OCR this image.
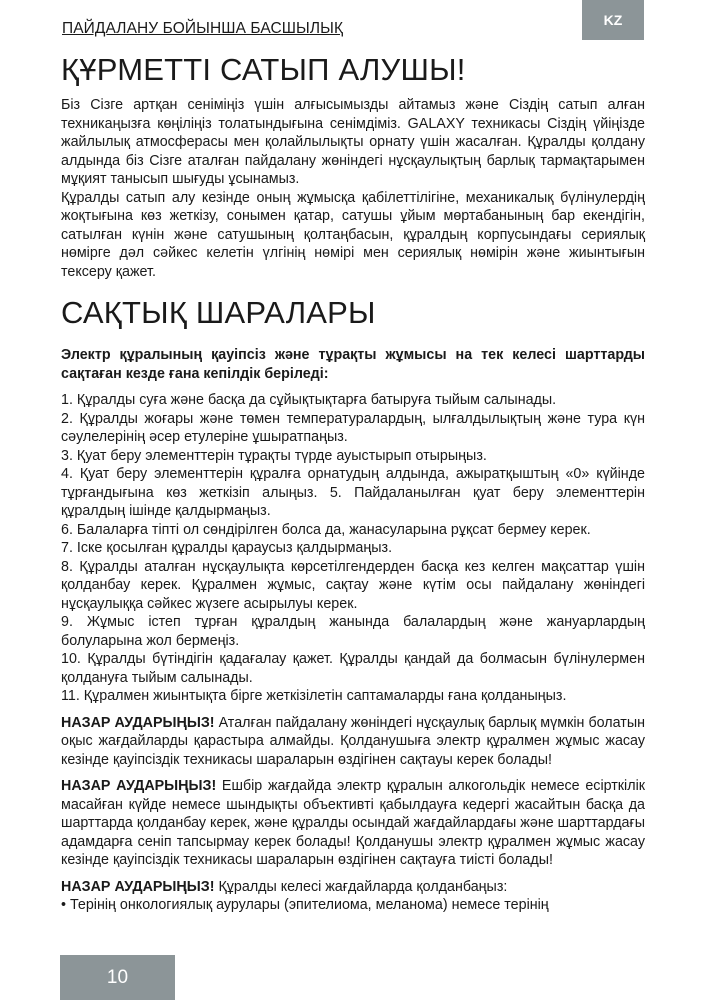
ПАЙДАЛАНУ БОЙЫНША БАСШЫЛЫҚ	KZ
ҚҰРМЕТТІ САТЫП АЛУШЫ!

Біз Сізге артқан сеніміңіз үшін алғысымызды айтамыз және Сіздің сатып алған техникаңызға көңіліңіз толатындығына сенімдіміз. GALAXY техникасы Сіздің үйіңізде жайлылық атмосферасы мен қолайлылықты орнату үшін жасалған. Құралды қолдану алдында біз Сізге аталған пайдалану жөніндегі нұсқаулықтың барлық тармақтарымен мұқият танысып шығуды ұсынамыз.

Құралды сатып алу кезінде оның жұмысқа қабілеттілігіне, механикалық бүлінулердің жоқтығына көз жеткізу, сонымен қатар, сатушы ұйым мөртабанының бар екендігін, сатылған күнін және сатушының қолтаңбасын, құралдың корпусындағы сериялық нөмірге дәл сәйкес келетін үлгінің нөмірі мен сериялық нөмірін және жиынтығын тексеру қажет.

САҚТЫҚ ШАРАЛАРЫ

Электр құралының қауіпсіз және тұрақты жұмысы на тек келесі шарттарды сақтаған кезде ғана кепілдік беріледі:

1. Құралды суға және басқа да сұйықтықтарға батыруға тыйым салынады.

2. Құралды жоғары және төмен температуралардың, ылғалдылықтың және тура күн сәулелерінің әсер етулеріне ұшыратпаңыз.

3. Қуат беру элементтерін тұрақты түрде ауыстырып отырыңыз.

4. Қуат беру элементтерін құралға орнатудың алдында, ажыратқыштың «0» күйінде тұрғандығына көз жеткізіп алыңыз. 5. Пайдаланылған қуат беру элементтерін құралдың ішінде қалдырмаңыз.

6. Балаларға тіпті ол сөндірілген болса да, жанасуларына рұқсат бермеу керек.

7. Іске қосылған құралды қараусыз қалдырмаңыз.

8. Құралды аталған нұсқаулықта көрсетілгендерден басқа кез келген мақсаттар үшін қолданбау керек. Құралмен жұмыс, сақтау және күтім осы пайдалану жөніндегі нұсқаулыққа сәйкес жүзеге асырылуы керек.

9. Жұмыс істеп тұрған құралдың жанында балалардың және жануарлардың болуларына жол бермеңіз.

10. Құралды бүтіндігін қадағалау қажет. Құралды қандай да болмасын бүлінулермен қолдануға тыйым салынады.

11. Құралмен жиынтықта бірге жеткізілетін саптамаларды ғана қолданыңыз.

НАЗАР АУДАРЫҢЫЗ! Аталған пайдалану жөніндегі нұсқаулық барлық мүмкін болатын оқыс жағдайларды қарастыра алмайды. Қолданушыға электр құралмен жұмыс жасау кезінде қауіпсіздік техникасы шараларын өздігінен сақтауы керек болады!

НАЗАР АУДАРЫҢЫЗ! Ешбір жағдайда электр құралын алкогольдік немесе есірткілік масайған күйде немесе шындықты объективті қабылдауға кедергі жасайтын басқа да шарттарда қолданбау керек, және құралды осындай жағдайлардағы және шарттардағы адамдарға сеніп тапсырмау керек болады! Қолданушы электр құралмен жұмыс жасау кезінде қауіпсіздік техникасы шараларын өздігінен сақтауға тиісті болады!

НАЗАР АУДАРЫҢЫЗ! Құралды келесі жағдайларда қолданбаңыз:

• Терінің онкологиялық аурулары (эпителиома, меланома) немесе терінің

10
